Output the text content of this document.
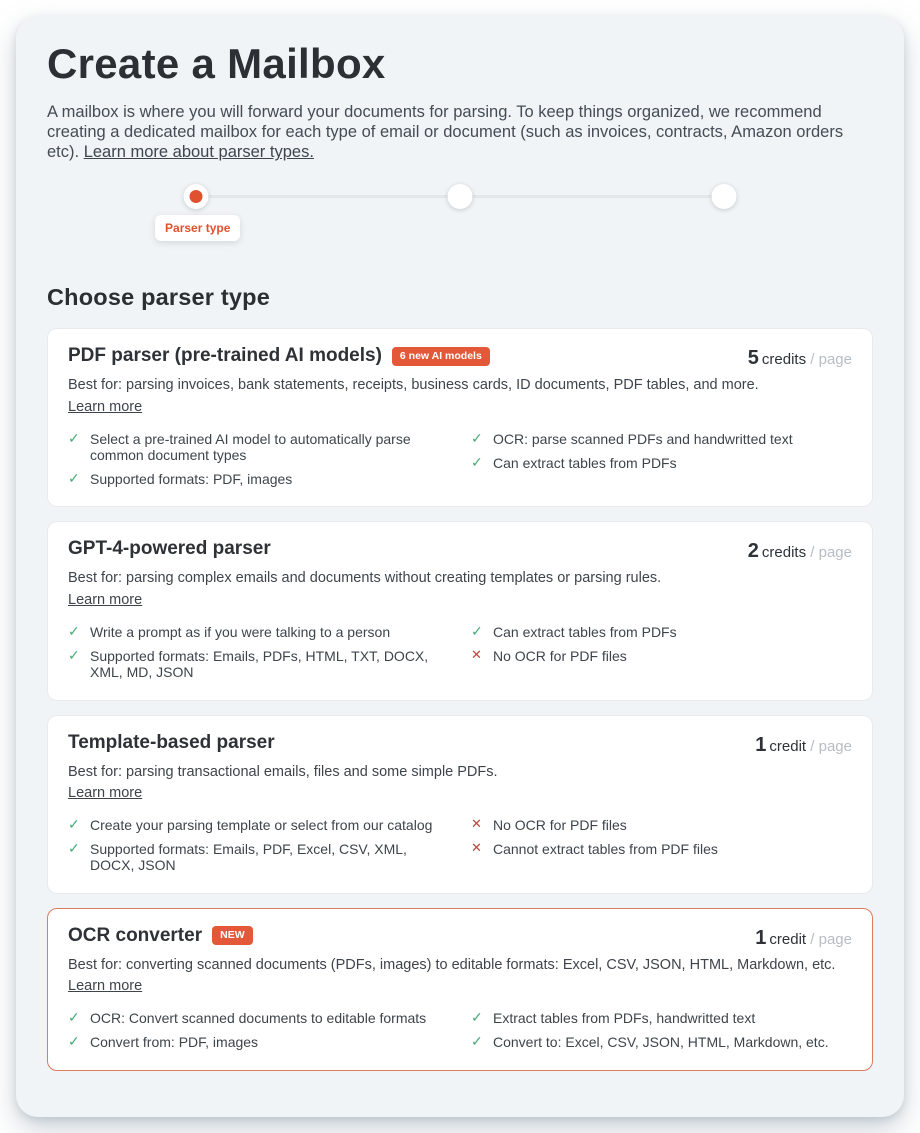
Create a Mailbox

A mailbox is where you will forward your documents for parsing. To keep things organized, we recommend creating a dedicated mailbox for each type of email or document (such as invoices, contracts, Amazon orders etc). Learn more about parser types.

Parser type
Choose parser type
PDF parser (pre-trained AI models)	6 new AI models	5 credits / page
Best for: parsing invoices, bank statements, receipts, business cards, ID documents, PDF tables, and more.
Learn more
✓ Select a pre-trained AI model to automatically parse common document types
✓ Supported formats: PDF, images
✓ OCR: parse scanned PDFs and handwritted text
✓ Can extract tables from PDFs
GPT-4-powered parser	2 credits / page
Best for: parsing complex emails and documents without creating templates or parsing rules.
Learn more
✓ Write a prompt as if you were talking to a person
✓ Supported formats: Emails, PDFs, HTML, TXT, DOCX, XML, MD, JSON
✓ Can extract tables from PDFs
✕ No OCR for PDF files
Template-based parser	1 credit / page
Best for: parsing transactional emails, files and some simple PDFs.
Learn more
✓ Create your parsing template or select from our catalog
✓ Supported formats: Emails, PDF, Excel, CSV, XML, DOCX, JSON
✕ No OCR for PDF files
✕ Cannot extract tables from PDF files
OCR converter	NEW	1 credit / page
Best for: converting scanned documents (PDFs, images) to editable formats: Excel, CSV, JSON, HTML, Markdown, etc.
Learn more
✓ OCR: Convert scanned documents to editable formats
✓ Convert from: PDF, images
✓ Extract tables from PDFs, handwritted text
✓ Convert to: Excel, CSV, JSON, HTML, Markdown, etc.
